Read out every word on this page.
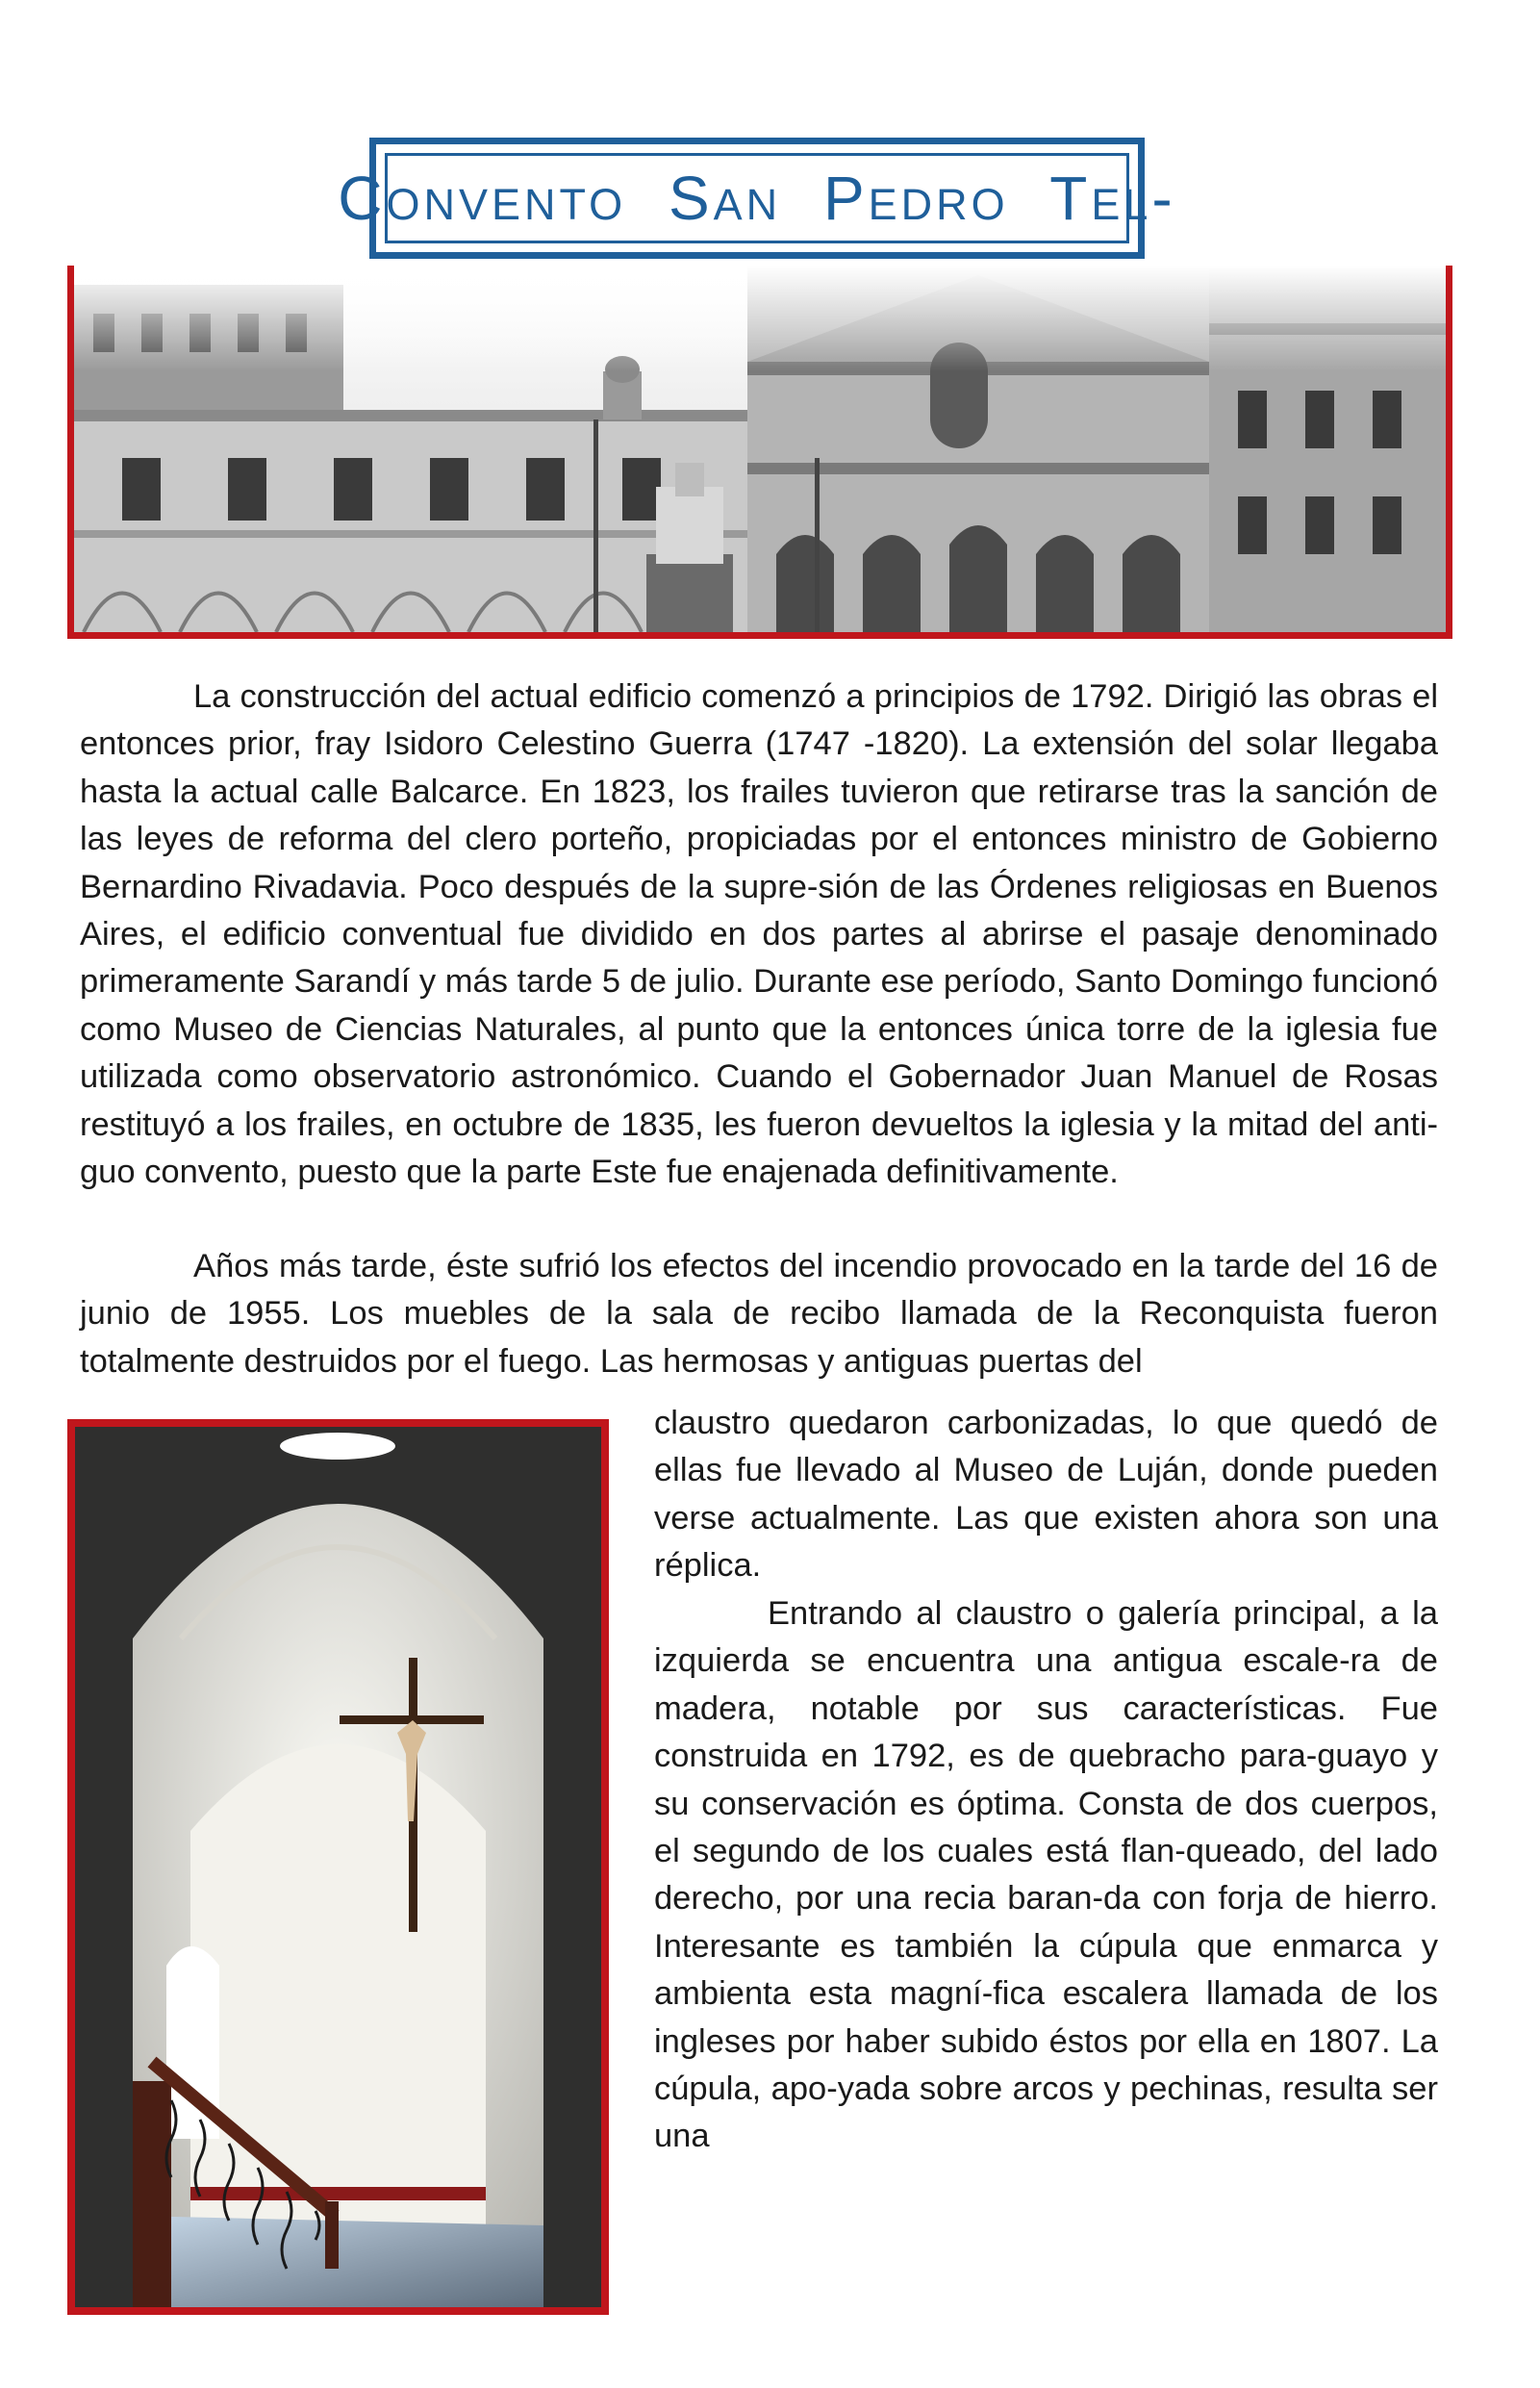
Convento San Pedro Tel-

La construcción del actual edificio comenzó a principios de 1792. Dirigió las obras el entonces prior, fray Isidoro Celestino Guerra (1747 -1820). La extensión del solar llegaba hasta la actual calle Balcarce. En 1823, los frailes tuvieron que retirarse tras la sanción de las leyes de reforma del clero porteño, propiciadas por el entonces ministro de Gobierno Bernardino Rivadavia. Poco después de la supre-sión de las Órdenes religiosas en Buenos Aires, el edificio conventual fue dividido en dos partes al abrirse el pasaje denominado primeramente Sarandí y más tarde 5 de julio. Durante ese período, Santo Domingo funcionó como Museo de Ciencias Naturales, al punto que la entonces única torre de la iglesia fue utilizada como observatorio astronómico. Cuando el Gobernador Juan Manuel de Rosas restituyó a los frailes, en octubre de 1835, les fueron devueltos la iglesia y la mitad del anti-guo convento, puesto que la parte Este fue enajenada definitivamente.

Años más tarde, éste sufrió los efectos del incendio provocado en la tarde del 16 de junio de 1955. Los muebles de la sala de recibo llamada de la Reconquista fueron totalmente destruidos por el fuego. Las hermosas y antiguas puertas del

claustro quedaron carbonizadas, lo que quedó de ellas fue llevado al Museo de Luján, donde pueden verse actualmente. Las que existen ahora son una réplica.

Entrando al claustro o galería principal, a la izquierda se encuentra una antigua escale-ra de madera, notable por sus características. Fue construida en 1792, es de quebracho para-guayo y su conservación es óptima. Consta de dos cuerpos, el segundo de los cuales está flan-queado, del lado derecho, por una recia baran-da con forja de hierro. Interesante es también la cúpula que enmarca y ambienta esta magní-fica escalera llamada de los ingleses por haber subido éstos por ella en 1807. La cúpula, apo-yada sobre arcos y pechinas, resulta ser una
